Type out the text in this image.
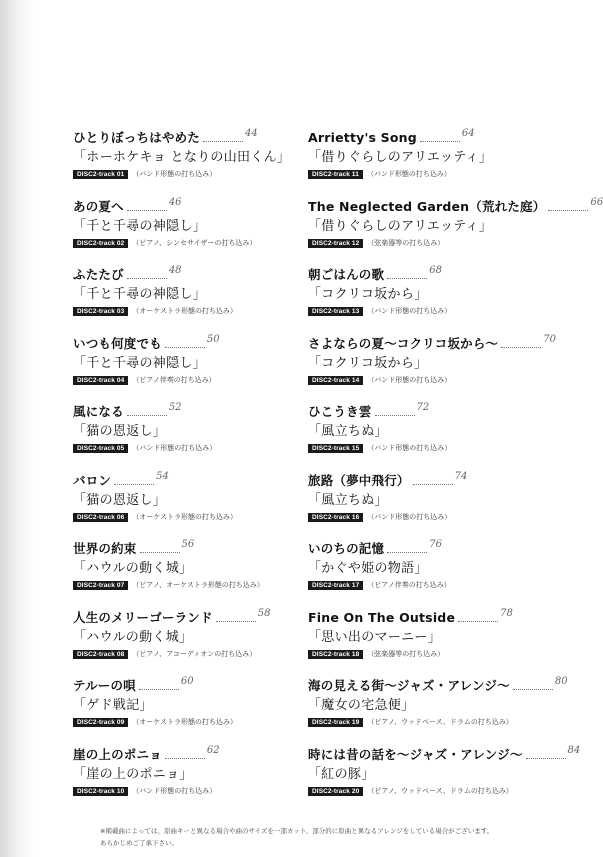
ひとりぼっちはやめた	44
「ホーホケキョ となりの山田くん」
DISC2-track 01	（バンド形態の打ち込み）
あの夏へ	46
「千と千尋の神隠し」
DISC2-track 02	（ピアノ、シンセサイザーの打ち込み）
ふたたび	48
「千と千尋の神隠し」
DISC2-track 03	（オーケストラ形態の打ち込み）
いつも何度でも	50
「千と千尋の神隠し」
DISC2-track 04	（ピアノ伴奏の打ち込み）
風になる	52
「猫の恩返し」
DISC2-track 05	（バンド形態の打ち込み）
バロン	54
「猫の恩返し」
DISC2-track 06	（オーケストラ形態の打ち込み）
世界の約束	56
「ハウルの動く城」
DISC2-track 07	（ピアノ、オーケストラ形態の打ち込み）
人生のメリーゴーランド	58
「ハウルの動く城」
DISC2-track 08	（ピアノ、アコーディオンの打ち込み）
テルーの唄	60
「ゲド戦記」
DISC2-track 09	（オーケストラ形態の打ち込み）
崖の上のポニョ	62
「崖の上のポニョ」
DISC2-track 10	（バンド形態の打ち込み）
Arrietty's Song	64
「借りぐらしのアリエッティ」
DISC2-track 11	（バンド形態の打ち込み）
The Neglected Garden（荒れた庭）	66
「借りぐらしのアリエッティ」
DISC2-track 12	（弦楽器等の打ち込み）
朝ごはんの歌	68
「コクリコ坂から」
DISC2-track 13	（バンド形態の打ち込み）
さよならの夏〜コクリコ坂から〜	70
「コクリコ坂から」
DISC2-track 14	（バンド形態の打ち込み）
ひこうき雲	72
「風立ちぬ」
DISC2-track 15	（バンド形態の打ち込み）
旅路（夢中飛行）	74
「風立ちぬ」
DISC2-track 16	（バンド形態の打ち込み）
いのちの記憶	76
「かぐや姫の物語」
DISC2-track 17	（ピアノ伴奏の打ち込み）
Fine On The Outside	78
「思い出のマーニー」
DISC2-track 18	（弦楽器等の打ち込み）
海の見える街〜ジャズ・アレンジ〜	80
「魔女の宅急便」
DISC2-track 19	（ピアノ、ウッドベース、ドラムの打ち込み）
時には昔の話を〜ジャズ・アレンジ〜	84
「紅の豚」
DISC2-track 20	（ピアノ、ウッドベース、ドラムの打ち込み）
※掲載曲によっては、原曲キーと異なる場合や曲のサイズを一部カット、部分的に原曲と異なるアレンジをしている場合がございます。
あらかじめご了承下さい。
